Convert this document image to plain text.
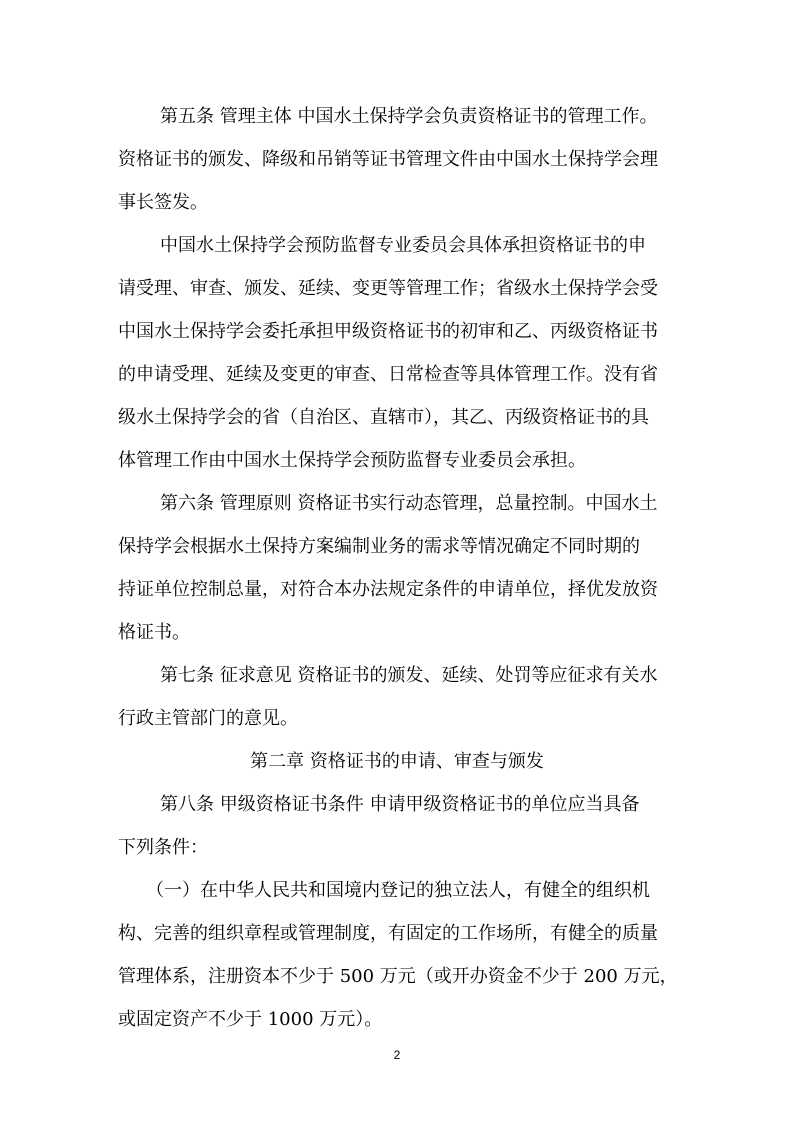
第五条 管理主体 中国水土保持学会负责资格证书的管理工作。
资格证书的颁发、降级和吊销等证书管理文件由中国水土保持学会理
事长签发。
中国水土保持学会预防监督专业委员会具体承担资格证书的申
请受理、审查、颁发、延续、变更等管理工作；省级水土保持学会受
中国水土保持学会委托承担甲级资格证书的初审和乙、丙级资格证书
的申请受理、延续及变更的审查、日常检查等具体管理工作。没有省
级水土保持学会的省（自治区、直辖市），其乙、丙级资格证书的具
体管理工作由中国水土保持学会预防监督专业委员会承担。
第六条 管理原则 资格证书实行动态管理，总量控制。中国水土
保持学会根据水土保持方案编制业务的需求等情况确定不同时期的
持证单位控制总量，对符合本办法规定条件的申请单位，择优发放资
格证书。
第七条 征求意见 资格证书的颁发、延续、处罚等应征求有关水
行政主管部门的意见。
第二章 资格证书的申请、审查与颁发
第八条 甲级资格证书条件 申请甲级资格证书的单位应当具备
下列条件：
（一）在中华人民共和国境内登记的独立法人，有健全的组织机
构、完善的组织章程或管理制度，有固定的工作场所，有健全的质量
2
管理体系，注册资本不少于 500 万元（或开办资金不少于 200 万元，
或固定资产不少于 1000 万元）。
